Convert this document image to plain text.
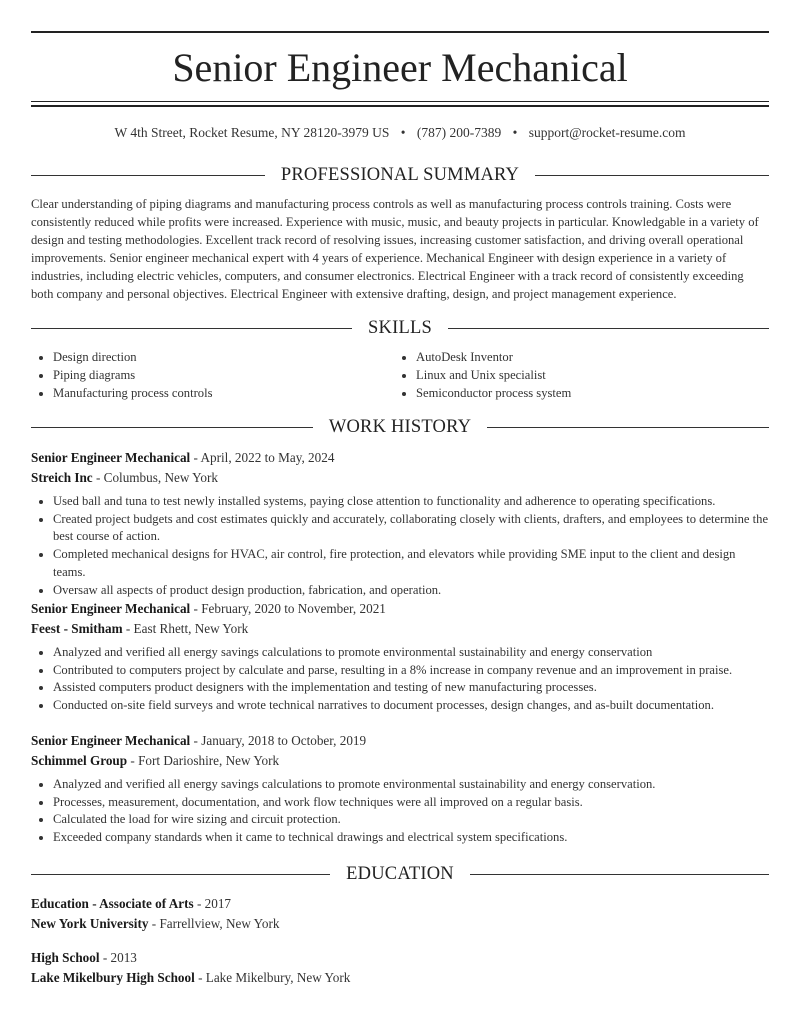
Senior Engineer Mechanical
W 4th Street, Rocket Resume, NY 28120-3979 US • (787) 200-7389 • support@rocket-resume.com
PROFESSIONAL SUMMARY

Clear understanding of piping diagrams and manufacturing process controls as well as manufacturing process controls training. Costs were consistently reduced while profits were increased. Experience with music, music, and beauty projects in particular. Knowledgable in a variety of design and testing methodologies. Excellent track record of resolving issues, increasing customer satisfaction, and driving overall operational improvements. Senior engineer mechanical expert with 4 years of experience. Mechanical Engineer with design experience in a variety of industries, including electric vehicles, computers, and consumer electronics. Electrical Engineer with a track record of consistently exceeding both company and personal objectives. Electrical Engineer with extensive drafting, design, and project management experience.

SKILLS
• Design direction
• Piping diagrams
• Manufacturing process controls
• AutoDesk Inventor
• Linux and Unix specialist
• Semiconductor process system
WORK HISTORY
Senior Engineer Mechanical - April, 2022 to May, 2024
Streich Inc - Columbus, New York
• Used ball and tuna to test newly installed systems, paying close attention to functionality and adherence to operating specifications.
• Created project budgets and cost estimates quickly and accurately, collaborating closely with clients, drafters, and employees to determine the best course of action.
• Completed mechanical designs for HVAC, air control, fire protection, and elevators while providing SME input to the client and design teams.
• Oversaw all aspects of product design production, fabrication, and operation.
Senior Engineer Mechanical - February, 2020 to November, 2021
Feest - Smitham - East Rhett, New York
• Analyzed and verified all energy savings calculations to promote environmental sustainability and energy conservation
• Contributed to computers project by calculate and parse, resulting in a 8% increase in company revenue and an improvement in praise.
• Assisted computers product designers with the implementation and testing of new manufacturing processes.
• Conducted on-site field surveys and wrote technical narratives to document processes, design changes, and as-built documentation.
Senior Engineer Mechanical - January, 2018 to October, 2019
Schimmel Group - Fort Darioshire, New York
• Analyzed and verified all energy savings calculations to promote environmental sustainability and energy conservation.
• Processes, measurement, documentation, and work flow techniques were all improved on a regular basis.
• Calculated the load for wire sizing and circuit protection.
• Exceeded company standards when it came to technical drawings and electrical system specifications.
EDUCATION
Education - Associate of Arts - 2017
New York University - Farrellview, New York
High School - 2013
Lake Mikelbury High School - Lake Mikelbury, New York
